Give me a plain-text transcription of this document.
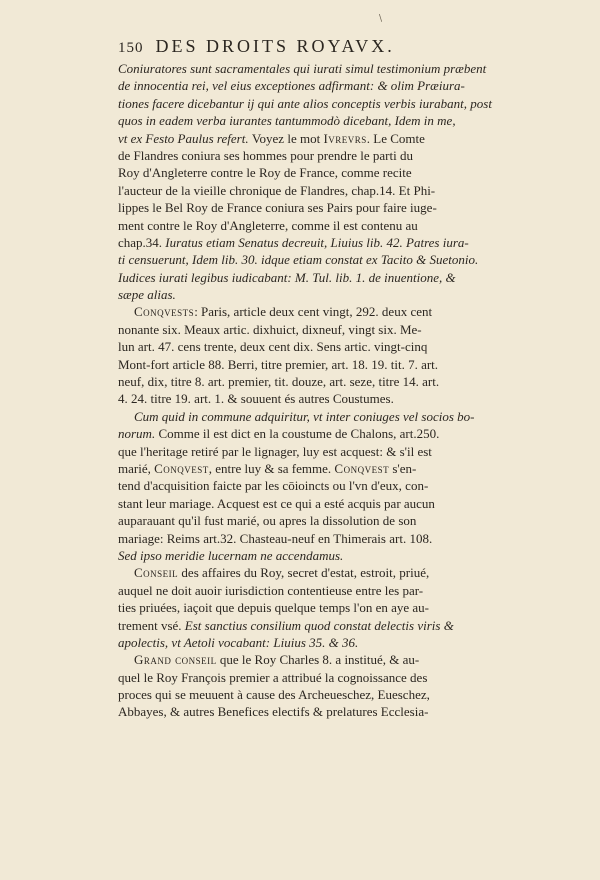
\
150 DES DROITS ROYAVX.
Coniuratores sunt sacramentales qui iurati simul testimonium præbent
de innocentia rei, vel eius exceptiones adfirmant: & olim Præiura-
tiones facere dicebantur ij qui ante alios conceptis verbis iurabant, post
quos in eadem verba iurantes tantummodò dicebant, Idem in me,
vt ex Festo Paulus refert. Voyez le mot Ivrevrs. Le Comte
de Flandres coniura ses hommes pour prendre le parti du
Roy d'Angleterre contre le Roy de France, comme recite
l'aucteur de la vieille chronique de Flandres, chap.14. Et Phi-
lippes le Bel Roy de France coniura ses Pairs pour faire iuge-
ment contre le Roy d'Angleterre, comme il est contenu au
chap.34. Iuratus etiam Senatus decreuit, Liuius lib. 42. Patres iura-
ti censuerunt, Idem lib. 30. idque etiam constat ex Tacito & Suetonio.
Iudices iurati legibus iudicabant: M. Tul. lib. 1. de inuentione, &
sæpe alias.
Conqvests: Paris, article deux cent vingt, 292. deux cent
nonante six. Meaux artic. dixhuict, dixneuf, vingt six. Me-
lun art. 47. cens trente, deux cent dix. Sens artic. vingt-cinq
Mont-fort article 88. Berri, titre premier, art. 18. 19. tit. 7. art.
neuf, dix, titre 8. art. premier, tit. douze, art. seze, titre 14. art.
4. 24. titre 19. art. 1. & souuent és autres Coustumes.
Cum quid in commune adquiritur, vt inter coniuges vel socios bo-
norum. Comme il est dict en la coustume de Chalons, art.250.
que l'heritage retiré par le lignager, luy est acquest: & s'il est
marié, Conqvest, entre luy & sa femme. Conqvest s'en-
tend d'acquisition faicte par les cōioincts ou l'vn d'eux, con-
stant leur mariage. Acquest est ce qui a esté acquis par aucun
auparauant qu'il fust marié, ou apres la dissolution de son
mariage: Reims art.32. Chasteau-neuf en Thimerais art. 108.
Sed ipso meridie lucernam ne accendamus.
Conseil des affaires du Roy, secret d'estat, estroit, priué,
auquel ne doit auoir iurisdiction contentieuse entre les par-
ties priuées, iaçoit que depuis quelque temps l'on en aye au-
trement vsé. Est sanctius consilium quod constat delectis viris &
apolectis, vt Aetoli vocabant: Liuius 35. & 36.
Grand conseil que le Roy Charles 8. a institué, & au-
quel le Roy François premier a attribué la cognoissance des
proces qui se meuuent à cause des Archeueschez, Eueschez,
Abbayes, & autres Benefices electifs & prelatures Ecclesia-
